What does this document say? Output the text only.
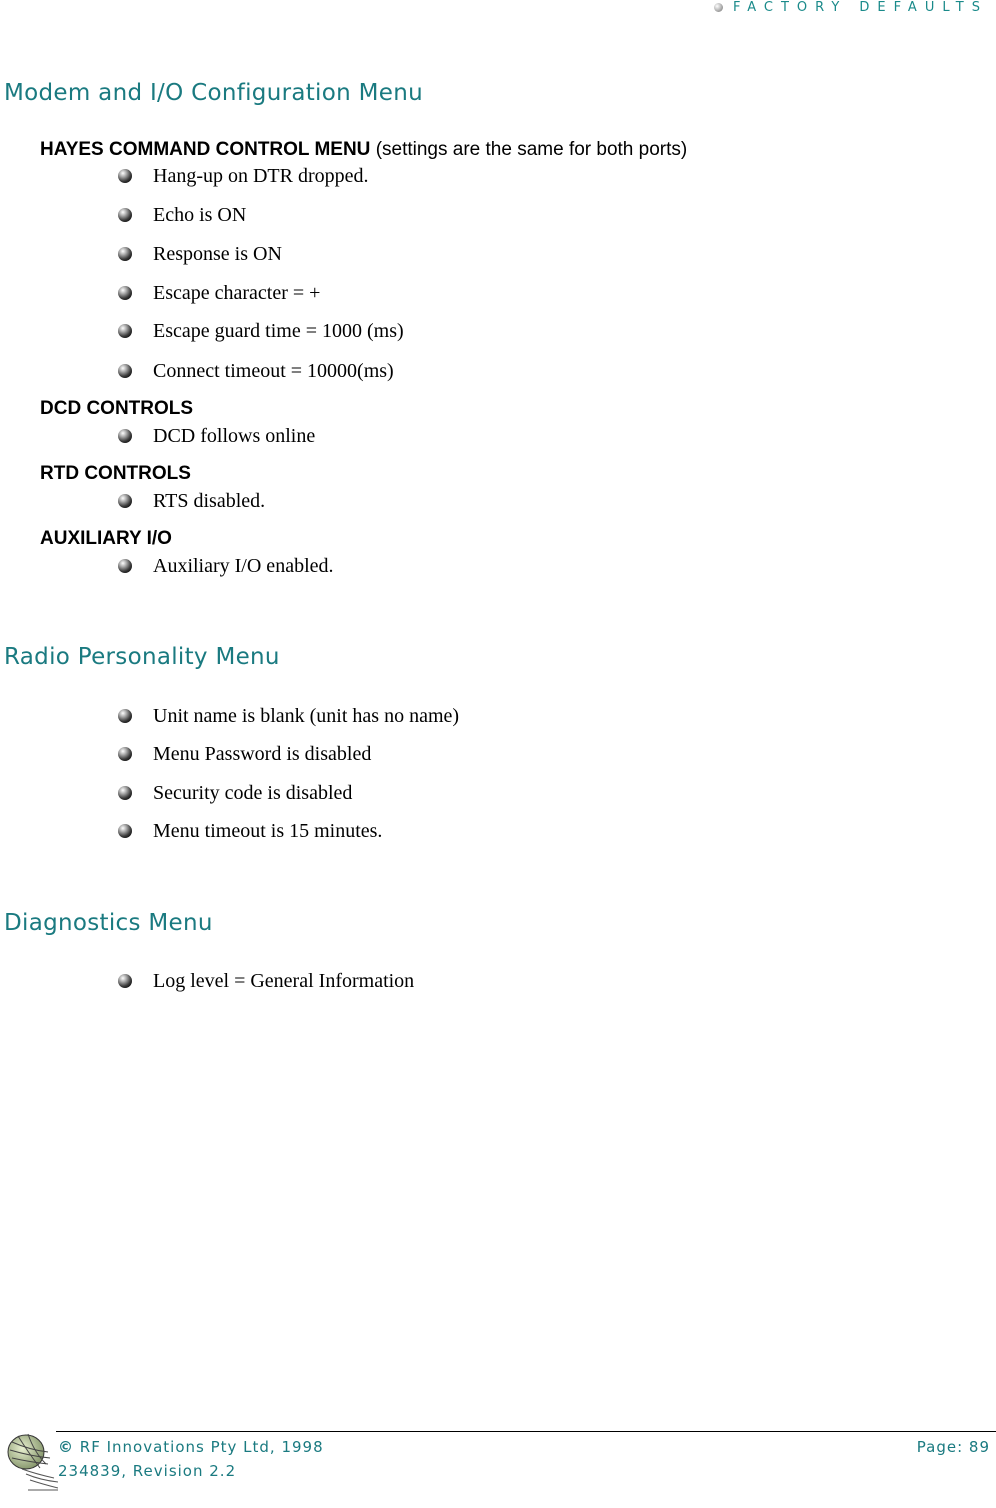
FACTORY DEFAULTS
Modem and I/O Configuration Menu
HAYES COMMAND CONTROL MENU (settings are the same for both ports)
Hang-up on DTR dropped.
Echo is ON
Response is ON
Escape character = +
Escape guard time = 1000 (ms)
Connect timeout = 10000(ms)
DCD CONTROLS
DCD follows online
RTD CONTROLS
RTS disabled.
AUXILIARY I/O
Auxiliary I/O enabled.
Radio Personality Menu
Unit name is blank (unit has no name)
Menu Password is disabled
Security code is disabled
Menu timeout is 15 minutes.
Diagnostics Menu
Log level = General Information
© RF Innovations Pty Ltd, 1998
234839, Revision 2.2
Page: 89
